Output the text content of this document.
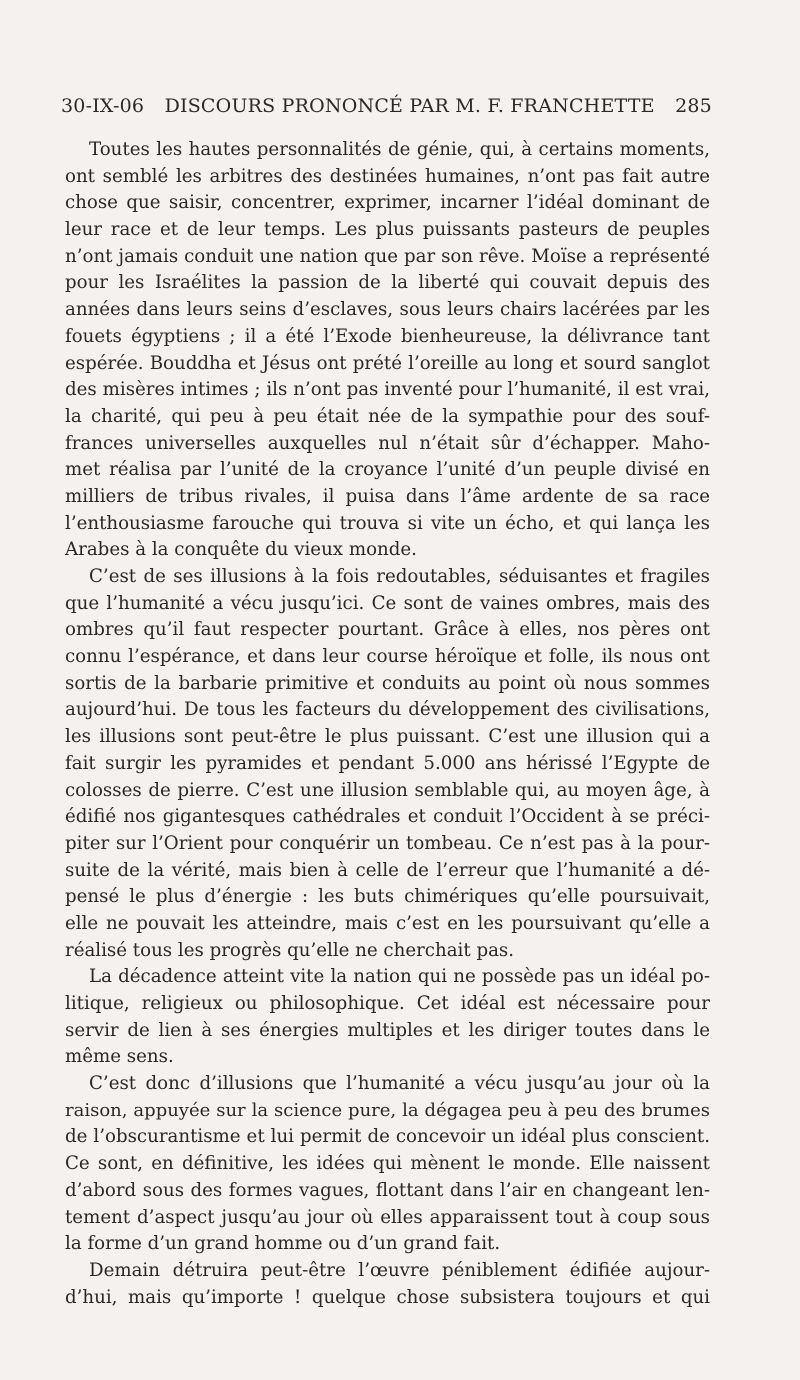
30-IX-06 DISCOURS PRONONCÉ PAR M. F. FRANCHETTE 285
Toutes les hautes personnalités de génie, qui, à certains moments,
ont semblé les arbitres des destinées humaines, n’ont pas fait autre
chose que saisir, concentrer, exprimer, incarner l’idéal dominant de
leur race et de leur temps. Les plus puissants pasteurs de peuples
n’ont jamais conduit une nation que par son rêve. Moïse a représenté
pour les Israélites la passion de la liberté qui couvait depuis des
années dans leurs seins d’esclaves, sous leurs chairs lacérées par les
fouets égyptiens ; il a été l’Exode bienheureuse, la délivrance tant
espérée. Bouddha et Jésus ont prété l’oreille au long et sourd sanglot
des misères intimes ; ils n’ont pas inventé pour l’humanité, il est vrai,
la charité, qui peu à peu était née de la sympathie pour des souf-
frances universelles auxquelles nul n’était sûr d’échapper. Maho-
met réalisa par l’unité de la croyance l’unité d’un peuple divisé en
milliers de tribus rivales, il puisa dans l’âme ardente de sa race
l’enthousiasme farouche qui trouva si vite un écho, et qui lança les
Arabes à la conquête du vieux monde.
C’est de ses illusions à la fois redoutables, séduisantes et fragiles
que l’humanité a vécu jusqu’ici. Ce sont de vaines ombres, mais des
ombres qu’il faut respecter pourtant. Grâce à elles, nos pères ont
connu l’espérance, et dans leur course héroïque et folle, ils nous ont
sortis de la barbarie primitive et conduits au point où nous sommes
aujourd’hui. De tous les facteurs du développement des civilisations,
les illusions sont peut-être le plus puissant. C’est une illusion qui a
fait surgir les pyramides et pendant 5.000 ans hérissé l’Egypte de
colosses de pierre. C’est une illusion semblable qui, au moyen âge, à
édifié nos gigantesques cathédrales et conduit l’Occident à se préci-
piter sur l’Orient pour conquérir un tombeau. Ce n’est pas à la pour-
suite de la vérité, mais bien à celle de l’erreur que l’humanité a dé-
pensé le plus d’énergie : les buts chimériques qu’elle poursuivait,
elle ne pouvait les atteindre, mais c’est en les poursuivant qu’elle a
réalisé tous les progrès qu’elle ne cherchait pas.
La décadence atteint vite la nation qui ne possède pas un idéal po-
litique, religieux ou philosophique. Cet idéal est nécessaire pour
servir de lien à ses énergies multiples et les diriger toutes dans le
même sens.
C’est donc d’illusions que l’humanité a vécu jusqu’au jour où la
raison, appuyée sur la science pure, la dégagea peu à peu des brumes
de l’obscurantisme et lui permit de concevoir un idéal plus conscient.
Ce sont, en définitive, les idées qui mènent le monde. Elle naissent
d’abord sous des formes vagues, flottant dans l’air en changeant len-
tement d’aspect jusqu’au jour où elles apparaissent tout à coup sous
la forme d’un grand homme ou d’un grand fait.
Demain détruira peut-être l’œuvre péniblement édifiée aujour-
d’hui, mais qu’importe ! quelque chose subsistera toujours et qui
